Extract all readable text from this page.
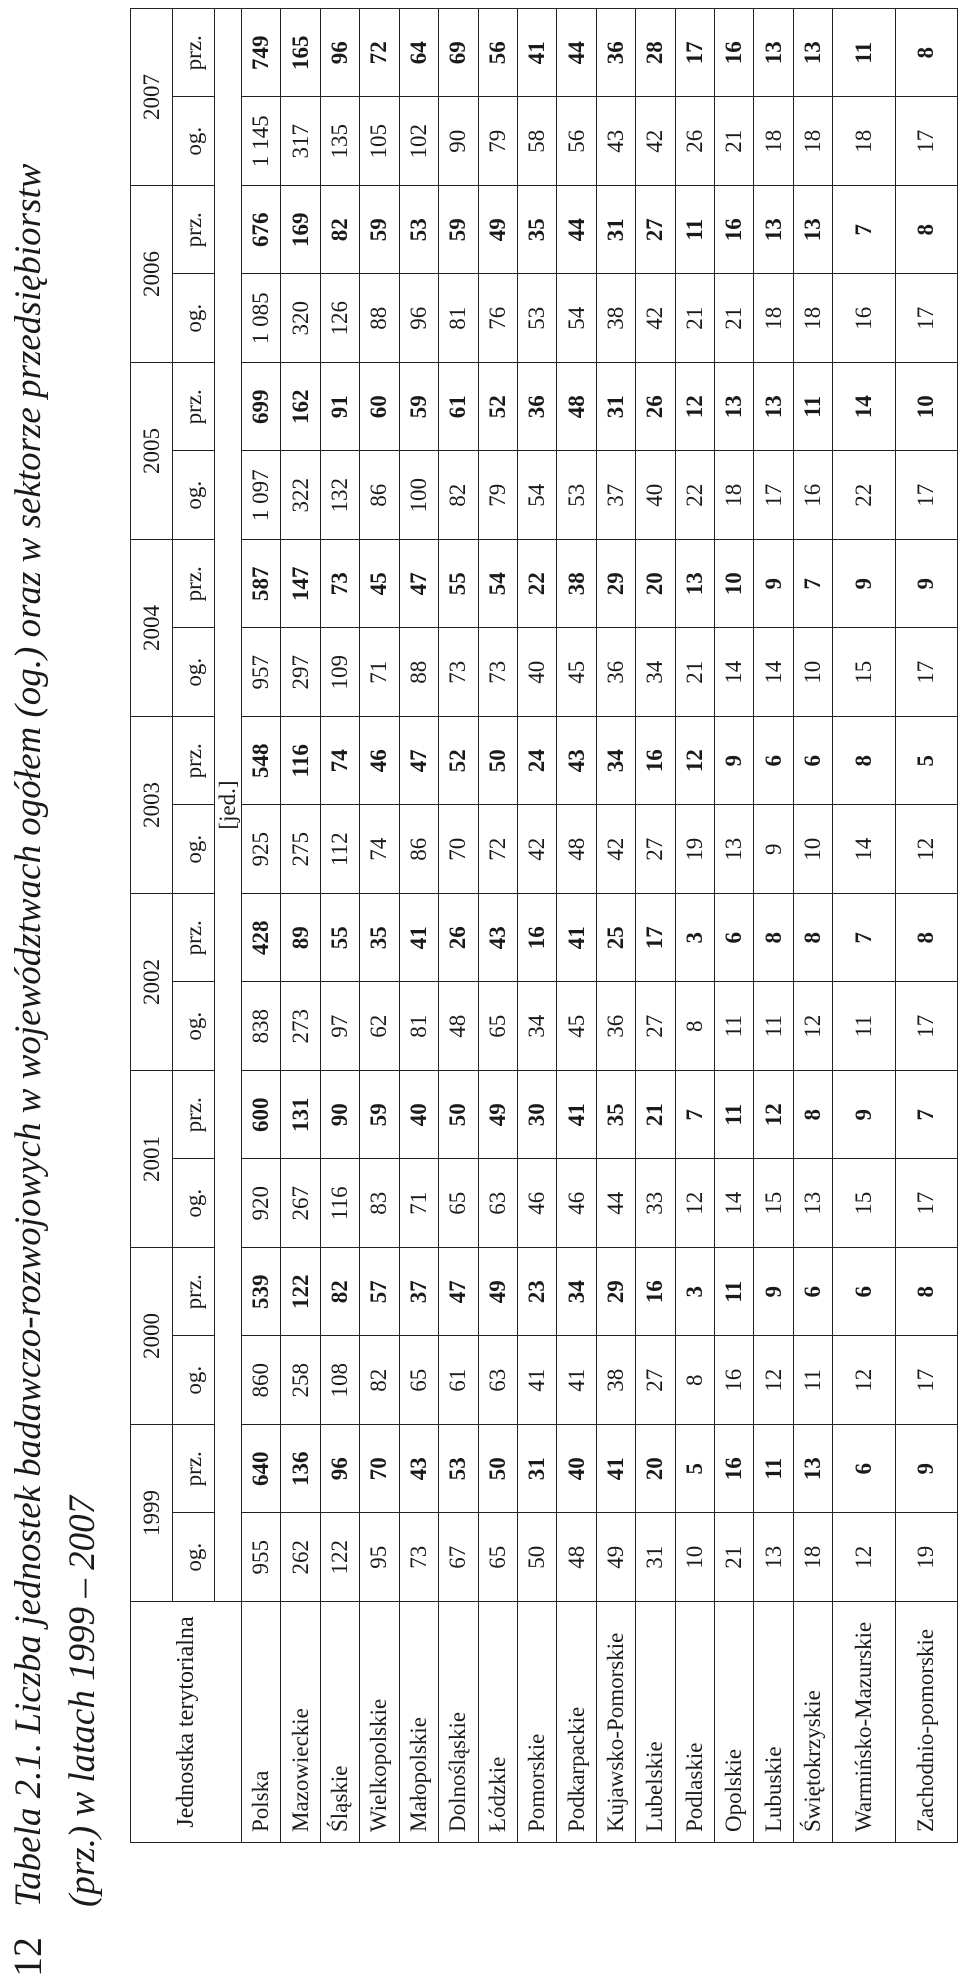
12
Tabela 2.1. Liczba jednostek badawczo-rozwojowych w województwach ogółem (og.) oraz w sektorze przedsiębiorstw (prz.) w latach 1999 – 2007	Jednostka terytorialna	1999		2000		2001		2002		2003		2004		2005		2006		2007	
	og.	prz.	og.	prz.	og.	prz.	og.	prz.	og.	prz.	og.	prz.	og.	prz.	og.	prz.	og.	prz.
	[jed.]																	
Polska	955	640	860	539	920	600	838	428	925	548	957	587	1 097	699	1 085	676	1 145	749
Mazowieckie	262	136	258	122	267	131	273	89	275	116	297	147	322	162	320	169	317	165
Śląskie	122	96	108	82	116	90	97	55	112	74	109	73	132	91	126	82	135	96
Wielkopolskie	95	70	82	57	83	59	62	35	74	46	71	45	86	60	88	59	105	72
Małopolskie	73	43	65	37	71	40	81	41	86	47	88	47	100	59	96	53	102	64
Dolnośląskie	67	53	61	47	65	50	48	26	70	52	73	55	82	61	81	59	90	69
Łódzkie	65	50	63	49	63	49	65	43	72	50	73	54	79	52	76	49	79	56
Pomorskie	50	31	41	23	46	30	34	16	42	24	40	22	54	36	53	35	58	41
Podkarpackie	48	40	41	34	46	41	45	41	48	43	45	38	53	48	54	44	56	44
Kujawsko-Pomorskie	49	41	38	29	44	35	36	25	42	34	36	29	37	31	38	31	43	36
Lubelskie	31	20	27	16	33	21	27	17	27	16	34	20	40	26	42	27	42	28
Podlaskie	10	5	8	3	12	7	8	3	19	12	21	13	22	12	21	11	26	17
Opolskie	21	16	16	11	14	11	11	6	13	9	14	10	18	13	21	16	21	16
Lubuskie	13	11	12	9	15	12	11	8	9	6	14	9	17	13	18	13	18	13
Świętokrzyskie	18	13	11	6	13	8	12	8	10	6	10	7	16	11	18	13	18	13
Warmińsko-Mazurskie	12	6	12	6	15	9	11	7	14	8	15	9	22	14	16	7	18	11
Zachodnio-pomorskie	19	9	17	8	17	7	17	8	12	5	17	9	17	10	17	8	17	8
